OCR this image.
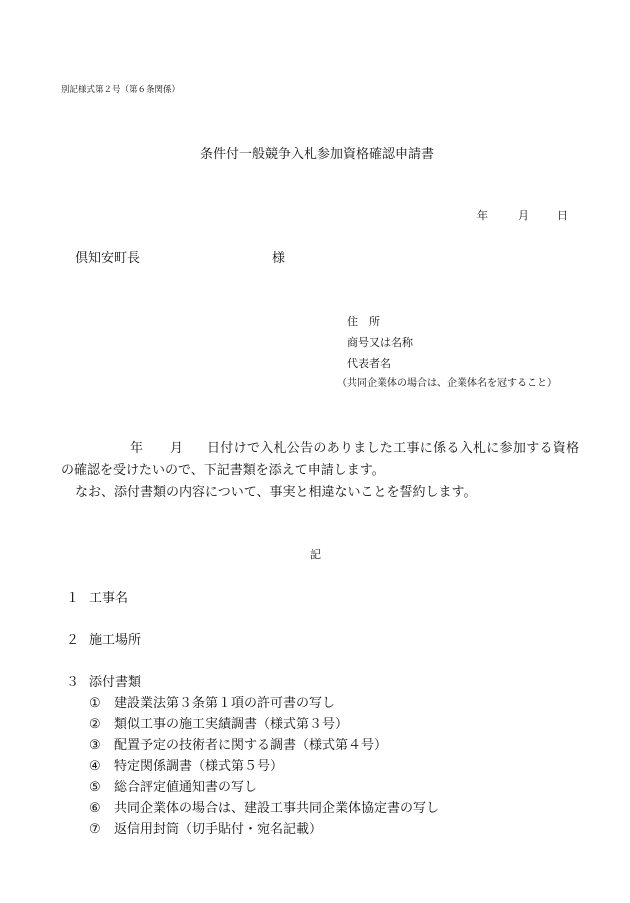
別記様式第２号（第６条関係）
条件付一般競争入札参加資格確認申請書
年	月	日
倶知安町長	様
住　所
商号又は名称
代表者名
（共同企業体の場合は、企業体名を冠すること）
年 月 日付けで入札公告のありました工事に係る入札に参加する資格
の確認を受けたいので、下記書類を添えて申請します。
なお、添付書類の内容について、事実と相違ないことを誓約します。
記
１ 工事名
２ 施工場所
３ 添付書類
① 建設業法第３条第１項の許可書の写し
② 類似工事の施工実績調書（様式第３号）
③ 配置予定の技術者に関する調書（様式第４号）
④ 特定関係調書（様式第５号）
⑤ 総合評定値通知書の写し
⑥ 共同企業体の場合は、建設工事共同企業体協定書の写し
⑦ 返信用封筒（切手貼付・宛名記載）
